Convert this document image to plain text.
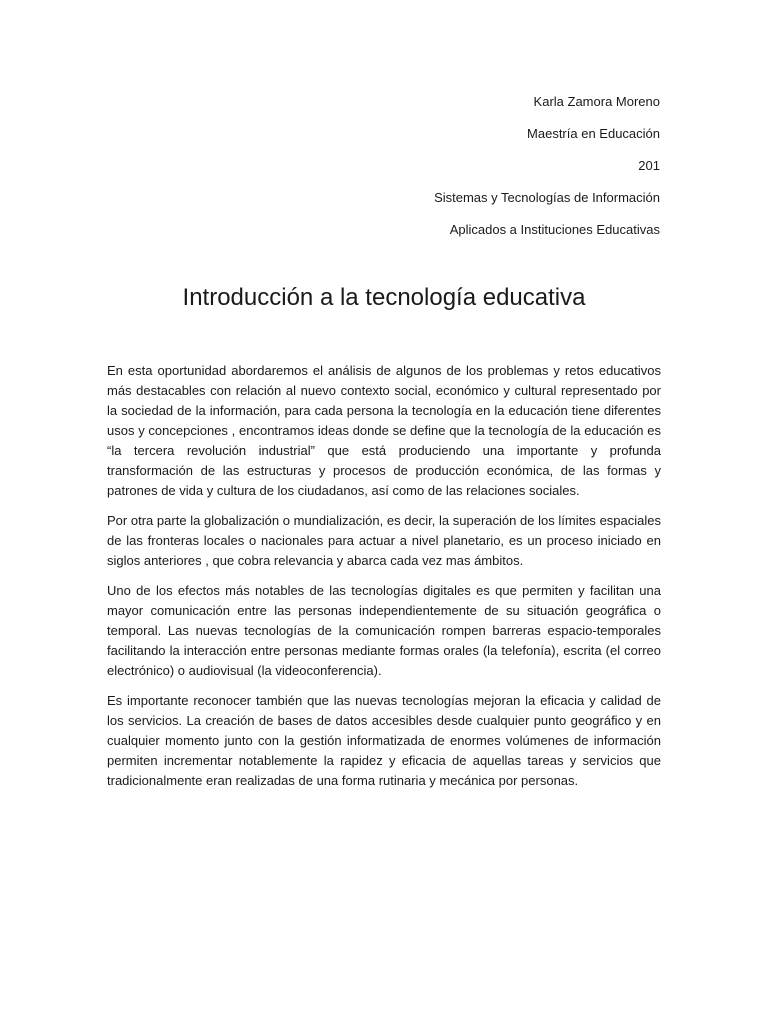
Karla Zamora Moreno
Maestría en Educación
201
Sistemas y Tecnologías de Información
Aplicados a Instituciones Educativas
Introducción a la tecnología educativa

En esta oportunidad abordaremos el análisis de algunos de los problemas y retos educativos más destacables con relación al nuevo contexto social, económico y cultural representado por la sociedad de la información, para cada persona la tecnología en la educación tiene diferentes usos y concepciones , encontramos ideas donde se define que la tecnología de la educación es “la tercera revolución industrial” que está produciendo una importante y profunda transformación de las estructuras y procesos de producción económica, de las formas y patrones de vida y cultura de los ciudadanos, así como de las relaciones sociales.

Por otra parte la globalización o mundialización, es decir, la superación de los límites espaciales de las fronteras locales o nacionales para actuar a nivel planetario, es un proceso iniciado en siglos anteriores , que cobra relevancia y abarca cada vez mas ámbitos.

Uno de los efectos más notables de las tecnologías digitales es que permiten y facilitan una mayor comunicación entre las personas independientemente de su situación geográfica o temporal. Las nuevas tecnologías de la comunicación rompen barreras espacio-temporales facilitando la interacción entre personas mediante formas orales (la telefonía), escrita (el correo electrónico) o audiovisual (la videoconferencia).

Es importante reconocer también que las nuevas tecnologías mejoran la eficacia y calidad de los servicios. La creación de bases de datos accesibles desde cualquier punto geográfico y en cualquier momento junto con la gestión informatizada de enormes volúmenes de información permiten incrementar notablemente la rapidez y eficacia de aquellas tareas y servicios que tradicionalmente eran realizadas de una forma rutinaria y mecánica por personas.
